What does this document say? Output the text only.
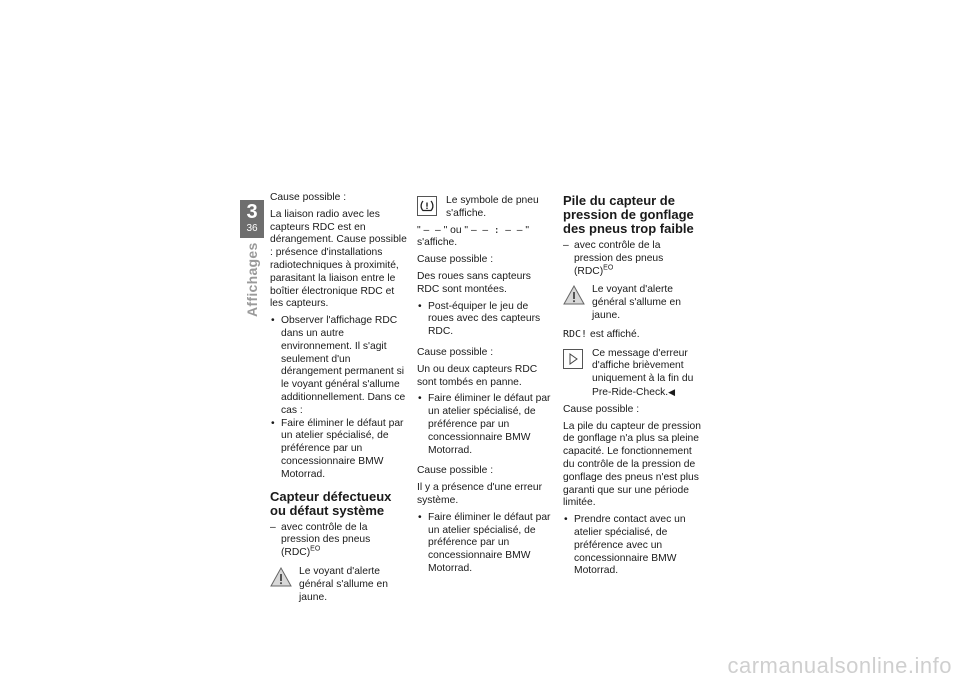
3
36
Affichages

Cause possible :

La liaison radio avec les capteurs RDC est en dérangement. Cause possible : présence d'installations radiotechniques à proximité, parasitant la liaison entre le boîtier électronique RDC et les capteurs.

• Observer l'affichage RDC dans un autre environnement. Il s'agit seulement d'un dérangement permanent si le voyant général s'allume additionnellement. Dans ce cas :
• Faire éliminer le défaut par un atelier spécialisé, de préférence par un concessionnaire BMW Motorrad.
Capteur défectueux ou défaut système
– avec contrôle de la pression des pneus (RDC)$^{EO}$
Le voyant d'alerte général s'allume en jaune.
Le symbole de pneu s'affiche.

" – – " ou " – – : – – " s'affiche.

Cause possible :

Des roues sans capteurs RDC sont montées.

• Post-équiper le jeu de roues avec des capteurs RDC.

Cause possible :

Un ou deux capteurs RDC sont tombés en panne.

• Faire éliminer le défaut par un atelier spécialisé, de préférence par un concessionnaire BMW Motorrad.

Cause possible :

Il y a présence d'une erreur système.

• Faire éliminer le défaut par un atelier spécialisé, de préférence par un concessionnaire BMW Motorrad.
Pile du capteur de pression de gonflage des pneus trop faible
– avec contrôle de la pression des pneus (RDC)$^{EO}$
Le voyant d'alerte général s'allume en jaune.

RDC! est affiché.

Ce message d'erreur d'affiche brièvement uniquement à la fin du Pre-Ride-Check.◀

Cause possible :

La pile du capteur de pression de gonflage n'a plus sa pleine capacité. Le fonctionnement du contrôle de la pression de gonflage des pneus n'est plus garanti que sur une période limitée.

• Prendre contact avec un atelier spécialisé, de préférence avec un concessionnaire BMW Motorrad.
carmanualsonline.info
